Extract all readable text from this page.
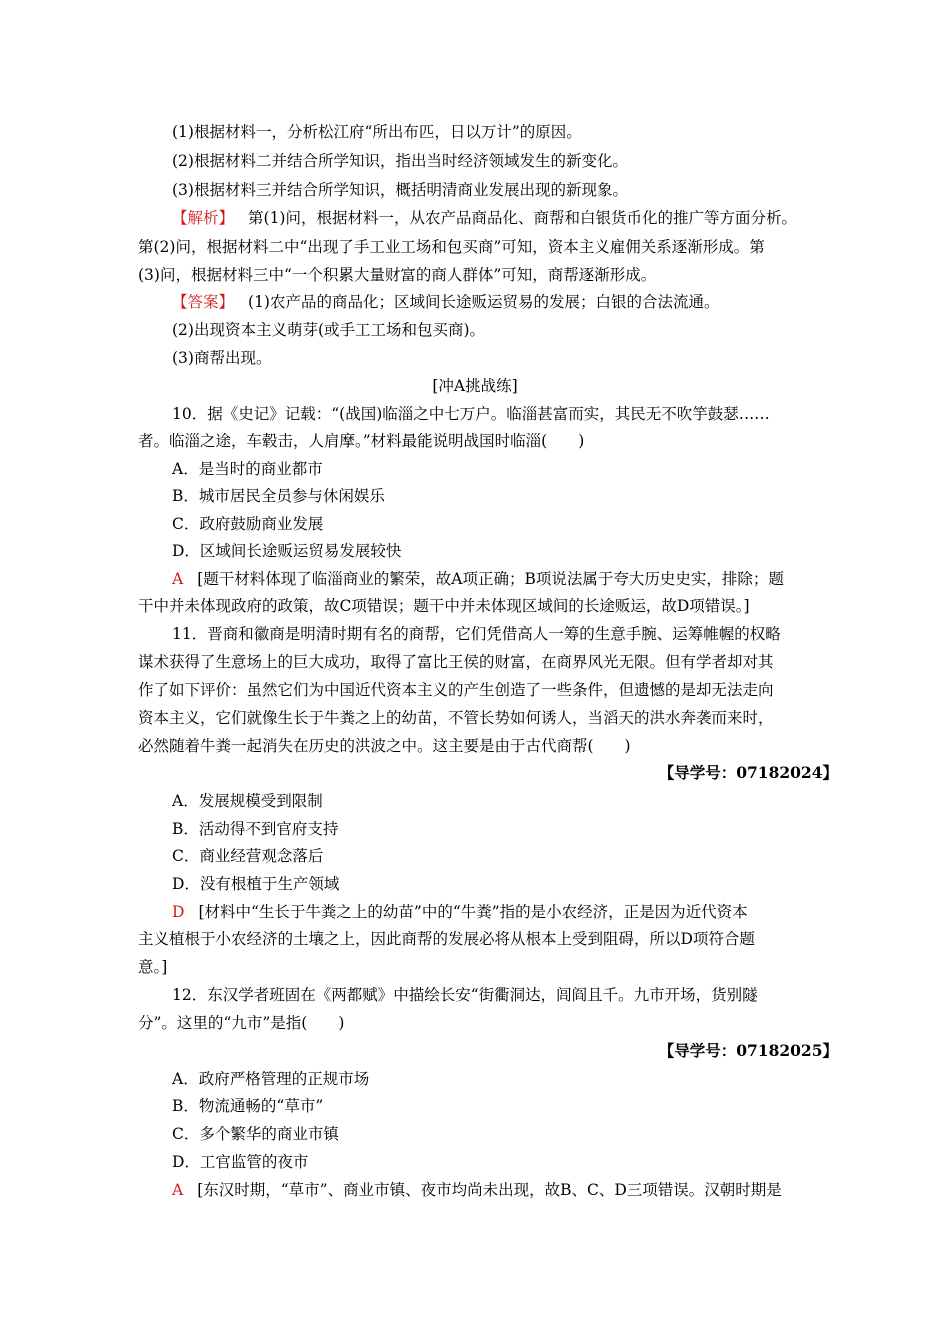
(1)根据材料一，分析松江府“所出布匹，日以万计”的原因。
(2)根据材料二并结合所学知识，指出当时经济领域发生的新变化。
(3)根据材料三并结合所学知识，概括明清商业发展出现的新现象。
【解析】 第(1)问，根据材料一，从农产品商品化、商帮和白银货币化的推广等方面分析。
第(2)问，根据材料二中“出现了手工业工场和包买商”可知，资本主义雇佣关系逐渐形成。第
(3)问，根据材料三中“一个积累大量财富的商人群体”可知，商帮逐渐形成。
【答案】 (1)农产品的商品化；区域间长途贩运贸易的发展；白银的合法流通。
(2)出现资本主义萌芽(或手工工场和包买商)。
(3)商帮出现。
[冲A挑战练]
10．据《史记》记载：“(战国)临淄之中七万户。临淄甚富而实，其民无不吹竽鼓瑟……
者。临淄之途，车毂击，人肩摩。”材料最能说明战国时临淄(　　)
A．是当时的商业都市
B．城市居民全员参与休闲娱乐
C．政府鼓励商业发展
D．区域间长途贩运贸易发展较快
A [题干材料体现了临淄商业的繁荣，故A项正确；B项说法属于夸大历史史实，排除；题
干中并未体现政府的政策，故C项错误；题干中并未体现区域间的长途贩运，故D项错误。]
11．晋商和徽商是明清时期有名的商帮，它们凭借高人一筹的生意手腕、运筹帷幄的权略
谋术获得了生意场上的巨大成功，取得了富比王侯的财富，在商界风光无限。但有学者却对其
作了如下评价：虽然它们为中国近代资本主义的产生创造了一些条件，但遗憾的是却无法走向
资本主义，它们就像生长于牛粪之上的幼苗，不管长势如何诱人，当滔天的洪水奔袭而来时，
必然随着牛粪一起消失在历史的洪波之中。这主要是由于古代商帮(　　)
【导学号：07182024】
A．发展规模受到限制
B．活动得不到官府支持
C．商业经营观念落后
D．没有根植于生产领域
D [材料中“生长于牛粪之上的幼苗”中的“牛粪”指的是小农经济，正是因为近代资本
主义植根于小农经济的土壤之上，因此商帮的发展必将从根本上受到阻碍，所以D项符合题
意。]
12．东汉学者班固在《两都赋》中描绘长安“街衢洞达，闾阎且千。九市开场，货别隧
分”。这里的“九市”是指(　　)
【导学号：07182025】
A．政府严格管理的正规市场
B．物流通畅的“草市”
C．多个繁华的商业市镇
D．工官监管的夜市
A [东汉时期，“草市”、商业市镇、夜市均尚未出现，故B、C、D三项错误。汉朝时期是
